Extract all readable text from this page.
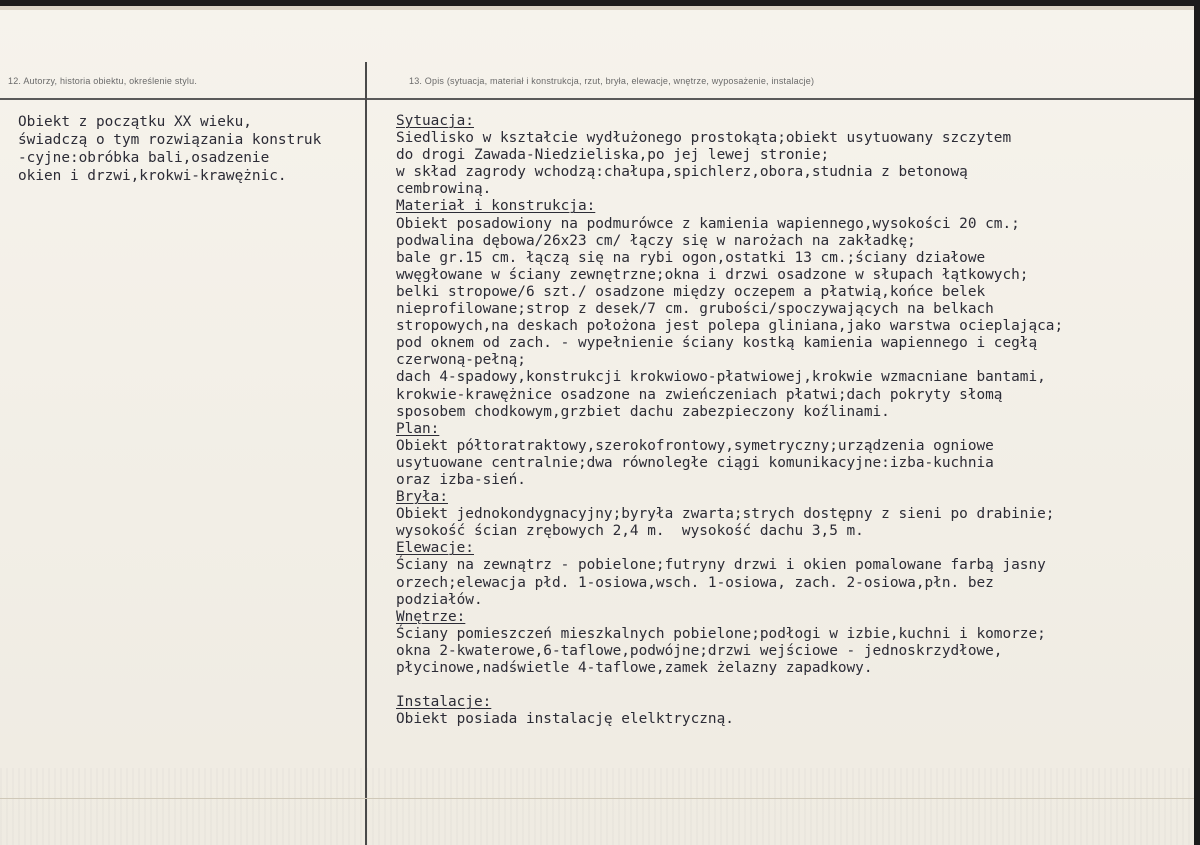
12. Autorzy, historia obiektu, określenie stylu.	13. Opis (sytuacja, materiał i konstrukcja, rzut, bryła, elewacje, wnętrze, wyposażenie, instalacje)
Obiekt z początku XX wieku,
świadczą o tym rozwiązania konstruk
-cyjne:obróbka bali,osadzenie
okien i drzwi,krokwi-krawężnic.
Sytuacja:
Siedlisko w kształcie wydłużonego prostokąta;obiekt usytuowany szczytem
do drogi Zawada-Niedzieliska,po jej lewej stronie;
w skład zagrody wchodzą:chałupa,spichlerz,obora,studnia z betonową
cembrowiną.
Materiał i konstrukcja:
Obiekt posadowiony na podmurówce z kamienia wapiennego,wysokości 20 cm.;
podwalina dębowa/26x23 cm/ łączy się w narożach na zakładkę;
bale gr.15 cm. łączą się na rybi ogon,ostatki 13 cm.;ściany działowe
wwęgłowane w ściany zewnętrzne;okna i drzwi osadzone w słupach łątkowych;
belki stropowe/6 szt./ osadzone między oczepem a płatwią,końce belek
nieprofilowane;strop z desek/7 cm. grubości/spoczywających na belkach
stropowych,na deskach położona jest polepa gliniana,jako warstwa ocieplająca;
pod oknem od zach. - wypełnienie ściany kostką kamienia wapiennego i cegłą
czerwoną-pełną;
dach 4-spadowy,konstrukcji krokwiowo-płatwiowej,krokwie wzmacniane bantami,
krokwie-krawężnice osadzone na zwieńczeniach płatwi;dach pokryty słomą
sposobem chodkowym,grzbiet dachu zabezpieczony koźlinami.
Plan:
Obiekt półtoratraktowy,szerokofrontowy,symetryczny;urządzenia ogniowe
usytuowane centralnie;dwa równoległe ciągi komunikacyjne:izba-kuchnia
oraz izba-sień.
Bryła:
Obiekt jednokondygnacyjny;byryła zwarta;strych dostępny z sieni po drabinie;
wysokość ścian zrębowych 2,4 m.  wysokość dachu 3,5 m.
Elewacje:
Ściany na zewnątrz - pobielone;futryny drzwi i okien pomalowane farbą jasny
orzech;elewacja płd. 1-osiowa,wsch. 1-osiowa, zach. 2-osiowa,płn. bez
podziałów.
Wnętrze:
Ściany pomieszczeń mieszkalnych pobielone;podłogi w izbie,kuchni i komorze;
okna 2-kwaterowe,6-taflowe,podwójne;drzwi wejściowe - jednoskrzydłowe,
płycinowe,nadświetle 4-taflowe,zamek żelazny zapadkowy.
Instalacje:
Obiekt posiada instalację elelktryczną.
